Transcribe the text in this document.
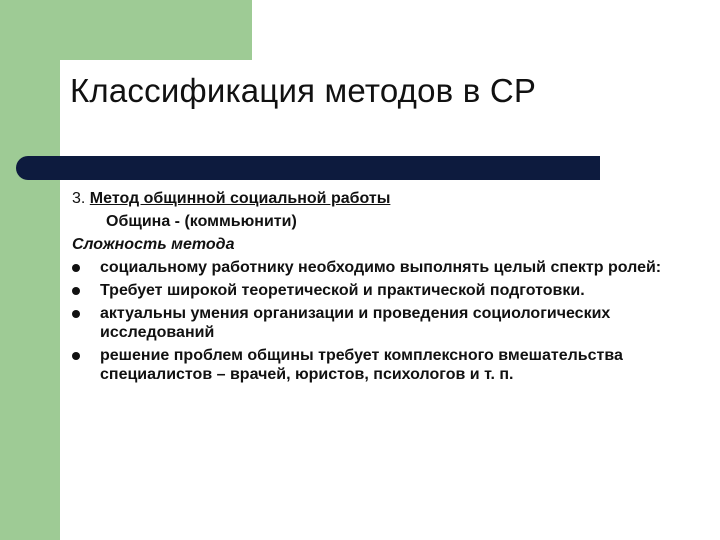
Классификация методов в СР

3. Метод общинной социальной работы

Община - (коммьюнити)

Сложность метода

социальному работнику необходимо выполнять целый спектр ролей:
Требует широкой теоретической и практической подготовки.
актуальны умения организации и проведения социологических исследований
решение проблем общины требует комплексного вмешательства специалистов – врачей, юристов, психологов и т. п.
